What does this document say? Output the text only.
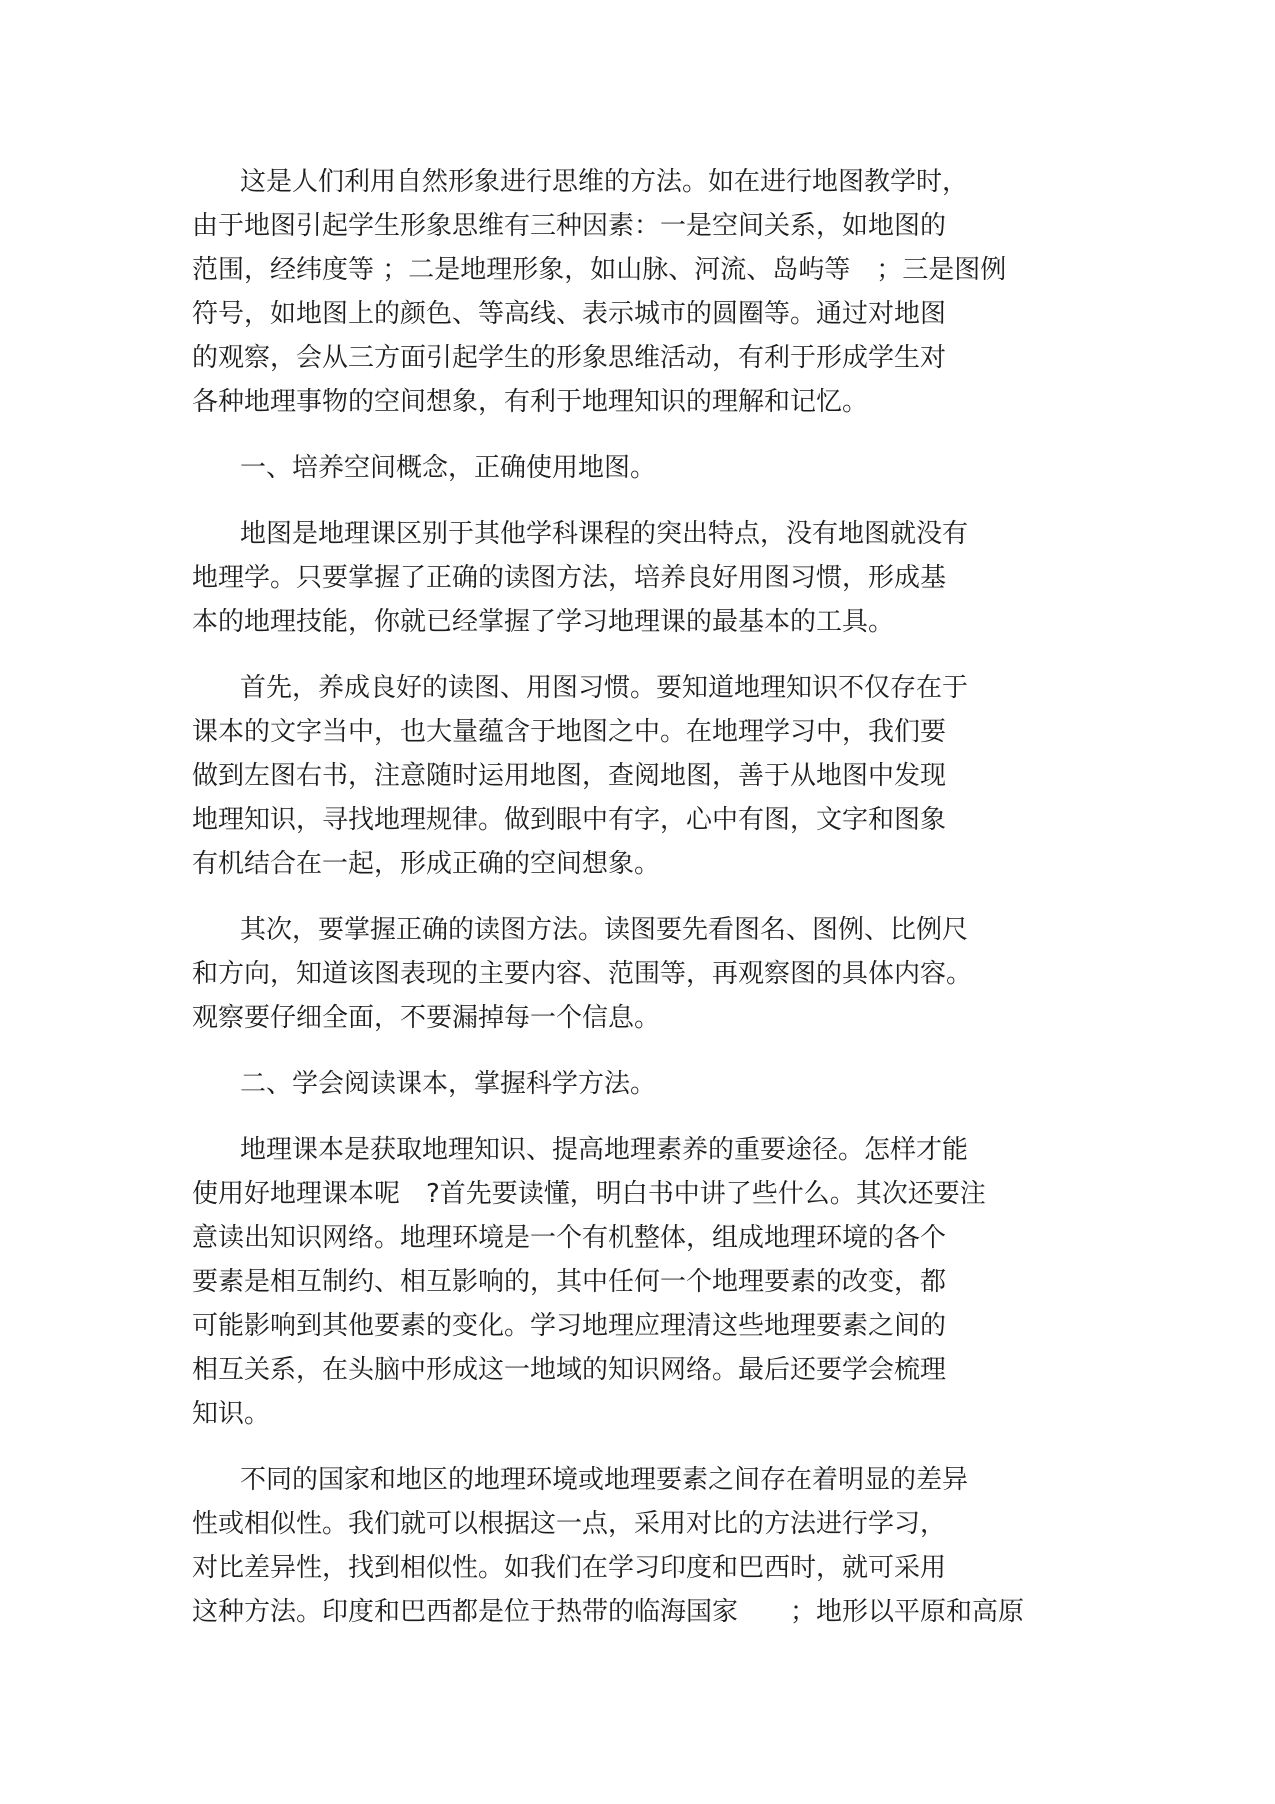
这是人们利用自然形象进行思维的方法。如在进行地图教学时，
由于地图引起学生形象思维有三种因素：一是空间关系，如地图的
范围，经纬度等 ；二是地理形象，如山脉、河流、岛屿等　；三是图例
符号，如地图上的颜色、等高线、表示城市的圆圈等。通过对地图
的观察，会从三方面引起学生的形象思维活动，有利于形成学生对
各种地理事物的空间想象，有利于地理知识的理解和记忆。
一、培养空间概念，正确使用地图。
地图是地理课区别于其他学科课程的突出特点，没有地图就没有
地理学。只要掌握了正确的读图方法，培养良好用图习惯，形成基
本的地理技能，你就已经掌握了学习地理课的最基本的工具。
首先，养成良好的读图、用图习惯。要知道地理知识不仅存在于
课本的文字当中，也大量蕴含于地图之中。在地理学习中，我们要
做到左图右书，注意随时运用地图，查阅地图，善于从地图中发现
地理知识，寻找地理规律。做到眼中有字，心中有图，文字和图象
有机结合在一起，形成正确的空间想象。
其次，要掌握正确的读图方法。读图要先看图名、图例、比例尺
和方向，知道该图表现的主要内容、范围等，再观察图的具体内容。
观察要仔细全面，不要漏掉每一个信息。
二、学会阅读课本，掌握科学方法。
地理课本是获取地理知识、提高地理素养的重要途径。怎样才能
使用好地理课本呢　?首先要读懂，明白书中讲了些什么。其次还要注
意读出知识网络。地理环境是一个有机整体，组成地理环境的各个
要素是相互制约、相互影响的，其中任何一个地理要素的改变，都
可能影响到其他要素的变化。学习地理应理清这些地理要素之间的
相互关系，在头脑中形成这一地域的知识网络。最后还要学会梳理
知识。
不同的国家和地区的地理环境或地理要素之间存在着明显的差异
性或相似性。我们就可以根据这一点，采用对比的方法进行学习，
对比差异性，找到相似性。如我们在学习印度和巴西时，就可采用
这种方法。印度和巴西都是位于热带的临海国家　　；地形以平原和高原
